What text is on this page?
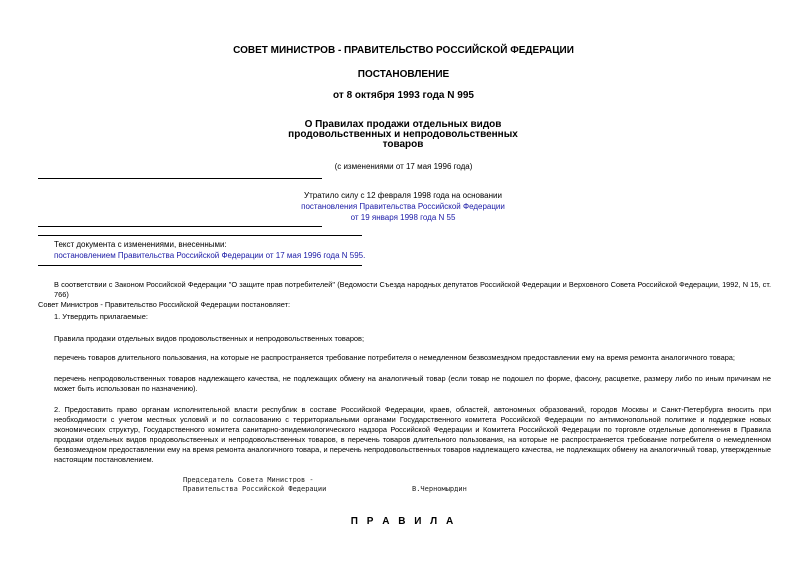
СОВЕТ МИНИСТРОВ - ПРАВИТЕЛЬСТВО РОССИЙСКОЙ ФЕДЕРАЦИИ
ПОСТАНОВЛЕНИЕ
от 8 октября 1993 года N 995
О Правилах продажи отдельных видов
продовольственных и непродовольственных
товаров
(с изменениями от 17 мая 1996 года)
Утратило силу с 12 февраля 1998 года на основании
постановления Правительства Российской Федерации
от 19 января 1998 года N 55
Текст документа с изменениями, внесенными:
постановлением Правительства Российской Федерации от 17 мая 1996 года N 595.
В соответствии с Законом Российской Федерации "О защите прав потребителей" (Ведомости Съезда народных депутатов Российской Федерации и Верховного Совета Российской Федерации, 1992, N 15, ст. 766)
Совет Министров - Правительство Российской Федерации постановляет:
1. Утвердить прилагаемые:
Правила продажи отдельных видов продовольственных и непродовольственных товаров;
перечень товаров длительного пользования, на которые не распространяется требование потребителя о немедленном безвозмездном предоставлении ему на время ремонта аналогичного товара;
перечень непродовольственных товаров надлежащего качества, не подлежащих обмену на аналогичный товар (если товар не подошел по форме, фасону, расцветке, размеру либо по иным причинам не может быть использован по назначению).
2. Предоставить право органам исполнительной власти республик в составе Российской Федерации, краев, областей, автономных образований, городов Москвы и Санкт-Петербурга вносить при необходимости с учетом местных условий и по согласованию с территориальными органами Государственного комитета Российской Федерации по антимонопольной политике и поддержке новых экономических структур, Государственного комитета санитарно-эпидемиологического надзора Российской Федерации и Комитета Российской Федерации по торговле отдельные дополнения в Правила продажи отдельных видов продовольственных и непродовольственных товаров, в перечень товаров длительного пользования, на которые не распространяется требование потребителя о немедленном безвозмездном предоставлении ему на время ремонта аналогичного товара, и перечень непродовольственных товаров надлежащего качества, не подлежащих обмену на аналогичный товар, утвержденные настоящим постановлением.
Председатель Совета Министров -
Правительства Российской Федерации	В.Черномырдин
П Р А В И Л А
